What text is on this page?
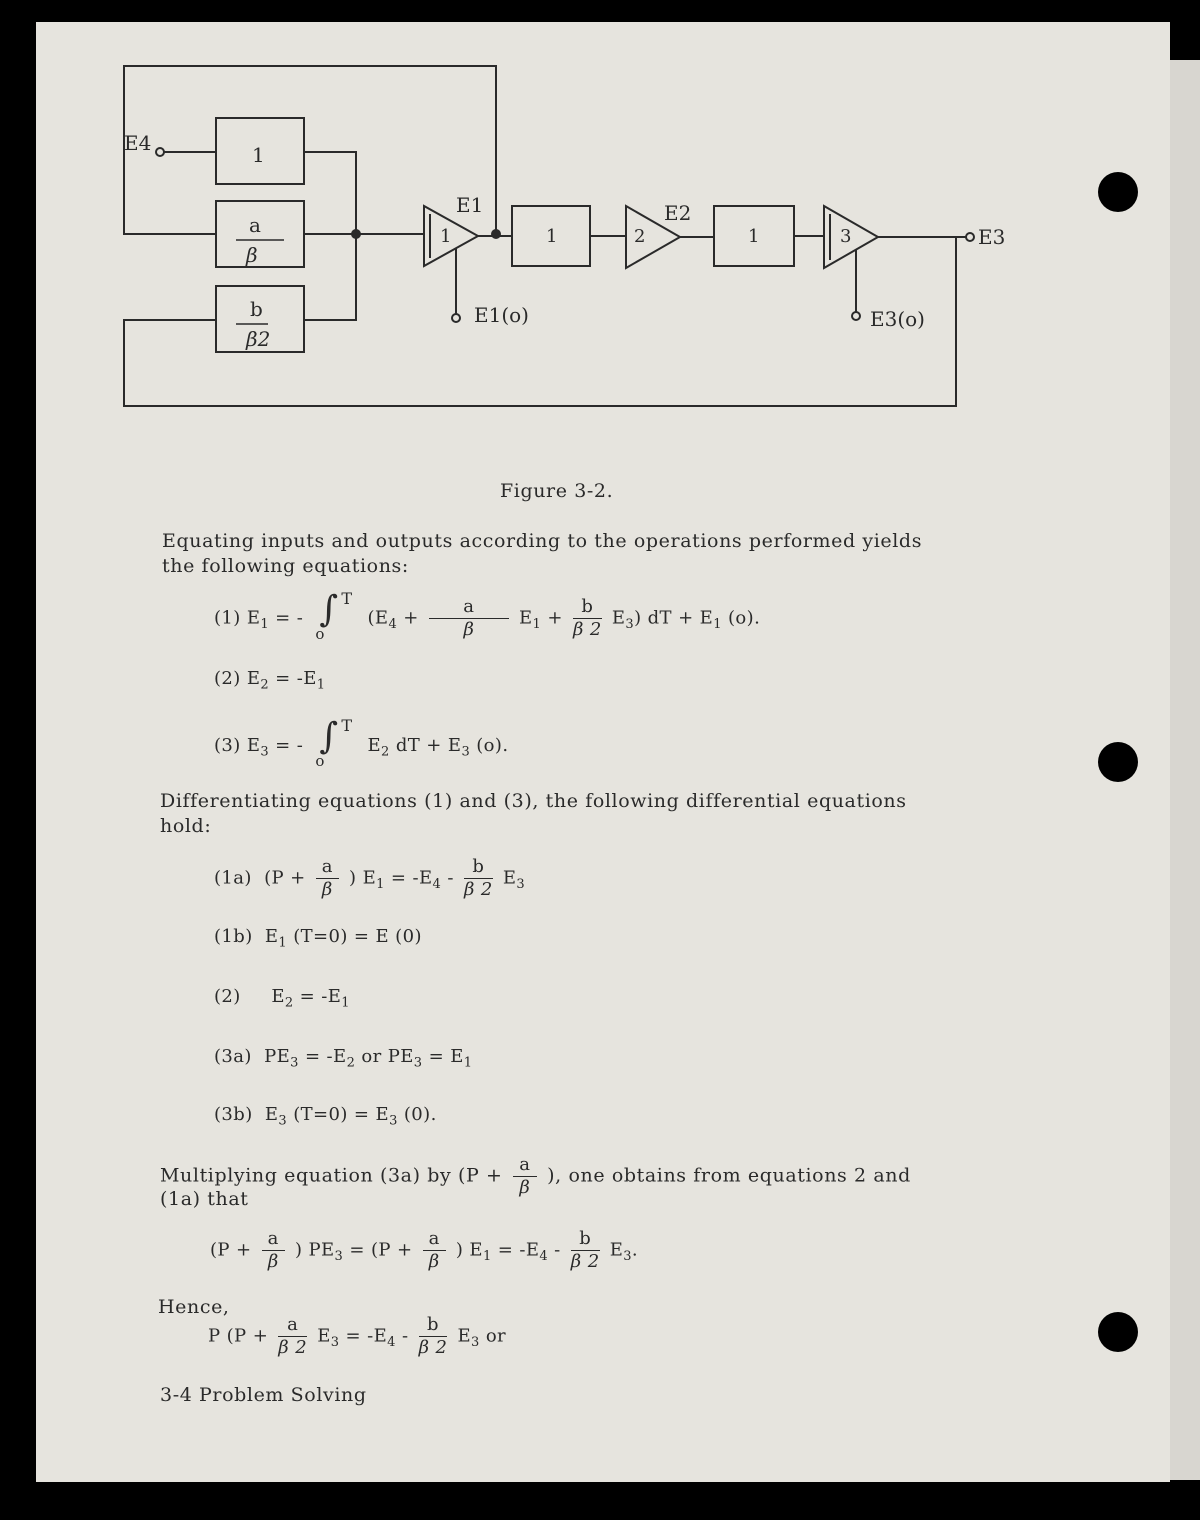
E4	1
a
β
b
β2
1
E1
1	2
E2
1	3	E3
E1(o)	E3(o)
Figure 3-2.
Equating inputs and outputs according to the operations performed yields
the following equations:
(1) $E_1$ = - ∫ T
o
$(E_4 + \frac{a}{\beta} E_1 + \frac{b}{\beta 2} E_3)$ dT + $E_1$ (o).
(2) $E_2 = -E_1$
(3) $E_3$ = - ∫ T
o
$E_2$ dT + $E_3$ (o).
Differentiating equations (1) and (3), the following differential equations
hold:
(1a) ($P + \frac{a}{\beta}$ ) $E_1 = -E_4 - \frac{b}{\beta 2} E_3$
(1b) $E_1$ (T=0) = E (0)
(2) $E_2 = -E_1$
(3a) $PE_3 = -E_2$ or $PE_3 = E_1$
(3b) $E_3$ $(T=0) = E_3$ (0).
Multiplying equation (3a) by ($P + \frac{a}{\beta}$ ), one obtains from equations 2 and
(1a) that
($P + \frac{a}{\beta}$ ) $PE_3 = (P + \frac{a}{\beta}$ ) $E_1 = -E_4 - \frac{b}{\beta 2} E_3$.
Hence,
P ($P + \frac{a}{\beta 2} E_3 = -E_4 - \frac{b}{\beta 2} E_3$ or
3-4 Problem Solving
